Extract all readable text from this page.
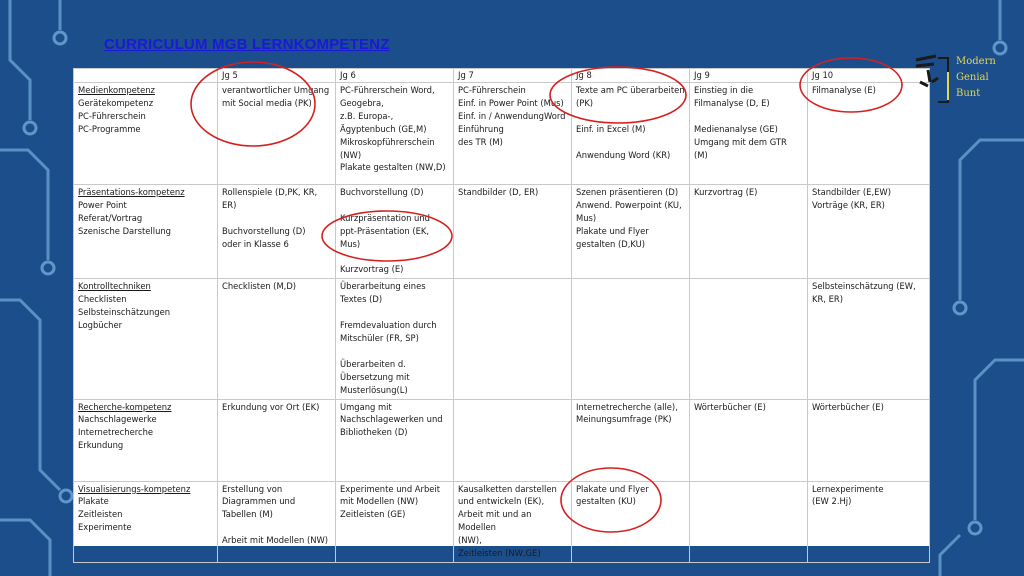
CURRICULUM MGB LERNKOMPETENZ
	Jg 5	Jg 6	Jg 7	Jg 8	Jg 9	Jg 10

Medienkompetenz
Gerätekompetenz
PC-Führerschein
PC-Programme	verantwortlicher Umgang mit Social media (PK)	PC-Führerschein Word, Geogebra,
z.B. Europa-, Ägyptenbuch (GE,M)
Mikroskopführerschein (NW)
Plakate gestalten (NW,D)	PC-Führerschein
Einf. in Power Point (Mus)
Einf. in / AnwendungWord
Einführung
des TR (M)	Texte am PC überarbeiten (PK)

Einf. in Excel (M)

Anwendung Word (KR)	Einstieg in die Filmanalyse (D, E)

Medienanalyse (GE)
Umgang mit dem GTR (M)	Filmanalyse (E)

Präsentations-kompetenz
Power Point
Referat/Vortrag
Szenische Darstellung	Rollenspiele (D,PK, KR, ER)

Buchvorstellung (D)
oder in Klasse 6	Buchvorstellung (D)

Kurzpräsentation und ppt-Präsentation (EK, Mus)

Kurzvortrag (E)	Standbilder (D, ER)	Szenen präsentieren (D)
Anwend. Powerpoint (KU, Mus)
Plakate und Flyer gestalten (D,KU)	Kurzvortrag (E)	Standbilder (E,EW)
Vorträge (KR, ER)

Kontrolltechniken
Checklisten
Selbsteinschätzungen
Logbücher	Checklisten (M,D)	Überarbeitung eines Textes (D)

Fremdevaluation durch Mitschüler (FR, SP)

Überarbeiten d. Übersetzung mit Musterlösung(L)				Selbsteinschätzung (EW, KR, ER)

Recherche-kompetenz
Nachschlagewerke
Internetrecherche
Erkundung	Erkundung vor Ort (EK)	Umgang mit Nachschlagewerken und Bibliotheken (D)		Internetrecherche (alle), Meinungsumfrage (PK)	Wörterbücher (E)	Wörterbücher (E)

Visualisierungs-kompetenz
Plakate
Zeitleisten
Experimente	Erstellung von Diagrammen und Tabellen (M)

Arbeit mit Modellen (NW)	Experimente und Arbeit mit Modellen (NW)
Zeitleisten (GE)	Kausalketten darstellen und entwickeln (EK),
Arbeit mit und an Modellen
(NW),
Zeitleisten (NW,GE)	Plakate und Flyer gestalten (KU)		Lernexperimente
(EW 2.Hj)
Modern
Genial
Bunt
